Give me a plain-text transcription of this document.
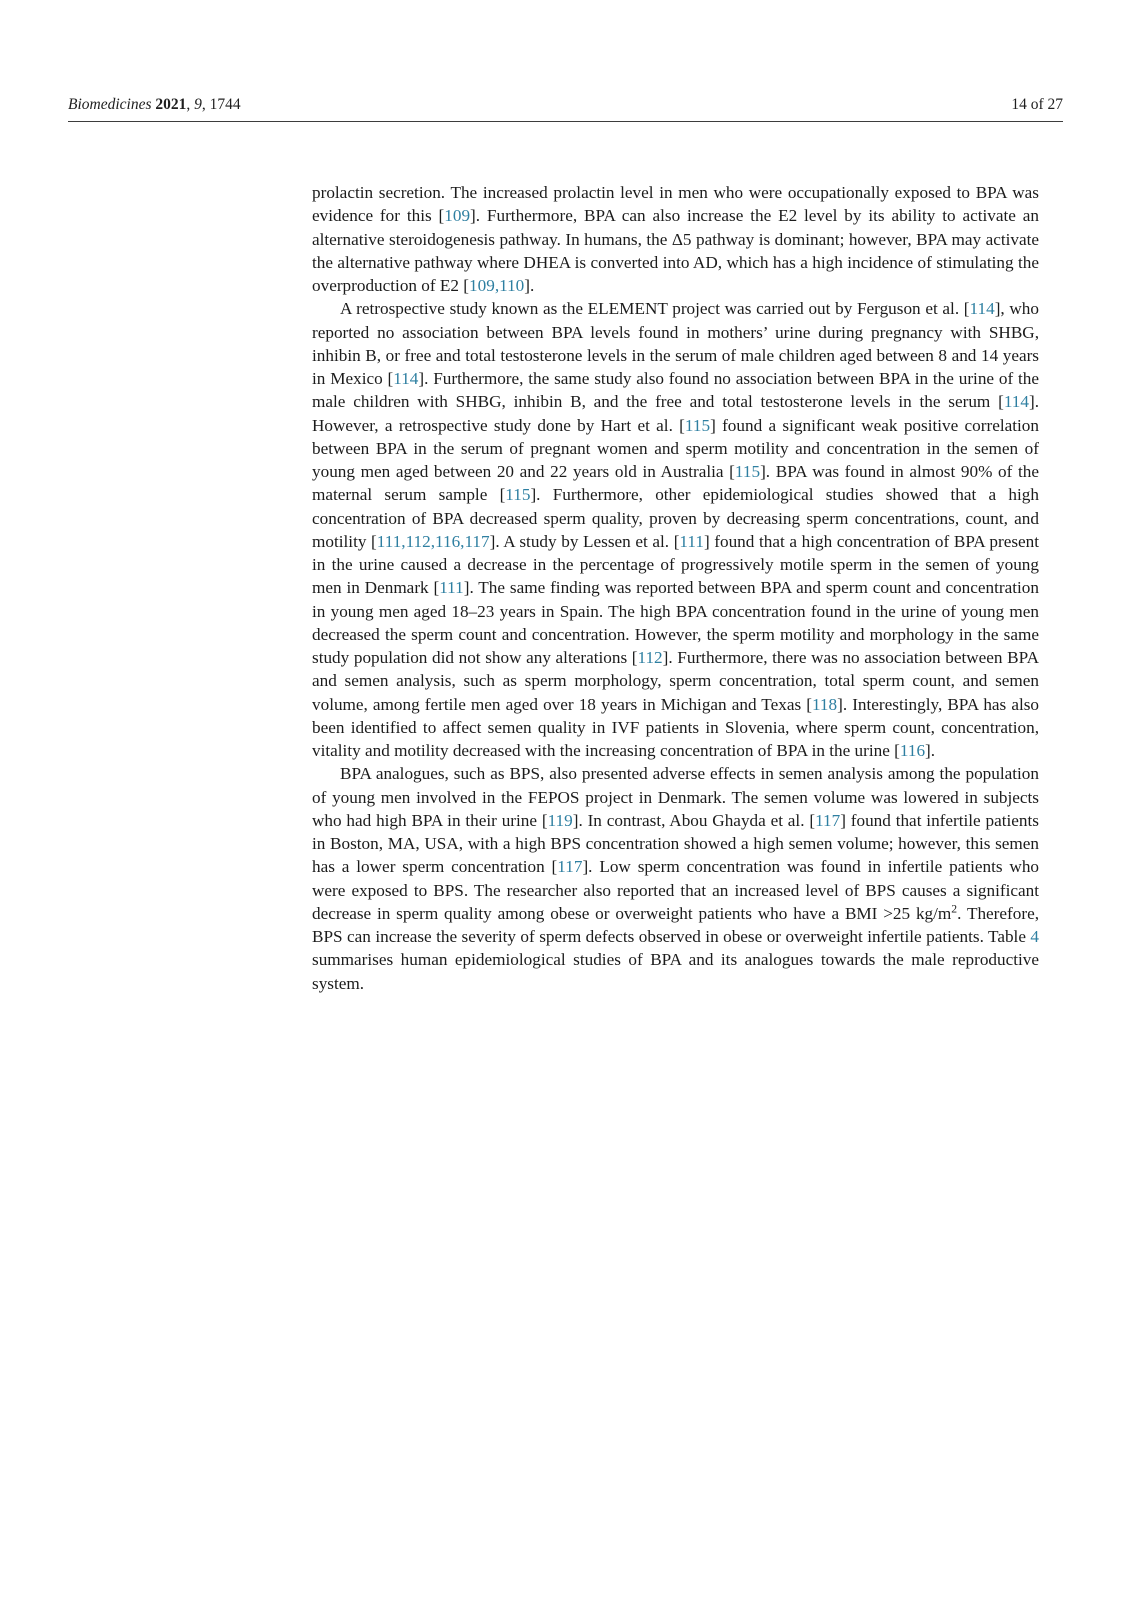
Biomedicines 2021, 9, 1744	14 of 27

prolactin secretion. The increased prolactin level in men who were occupationally exposed to BPA was evidence for this [109]. Furthermore, BPA can also increase the E2 level by its ability to activate an alternative steroidogenesis pathway. In humans, the Δ5 pathway is dominant; however, BPA may activate the alternative pathway where DHEA is converted into AD, which has a high incidence of stimulating the overproduction of E2 [109,110].

A retrospective study known as the ELEMENT project was carried out by Ferguson et al. [114], who reported no association between BPA levels found in mothers’ urine during pregnancy with SHBG, inhibin B, or free and total testosterone levels in the serum of male children aged between 8 and 14 years in Mexico [114]. Furthermore, the same study also found no association between BPA in the urine of the male children with SHBG, inhibin B, and the free and total testosterone levels in the serum [114]. However, a retrospective study done by Hart et al. [115] found a significant weak positive correlation between BPA in the serum of pregnant women and sperm motility and concentration in the semen of young men aged between 20 and 22 years old in Australia [115]. BPA was found in almost 90% of the maternal serum sample [115]. Furthermore, other epidemiological studies showed that a high concentration of BPA decreased sperm quality, proven by decreasing sperm concentrations, count, and motility [111,112,116,117]. A study by Lessen et al. [111] found that a high concentration of BPA present in the urine caused a decrease in the percentage of progressively motile sperm in the semen of young men in Denmark [111]. The same finding was reported between BPA and sperm count and concentration in young men aged 18–23 years in Spain. The high BPA concentration found in the urine of young men decreased the sperm count and concentration. However, the sperm motility and morphology in the same study population did not show any alterations [112]. Furthermore, there was no association between BPA and semen analysis, such as sperm morphology, sperm concentration, total sperm count, and semen volume, among fertile men aged over 18 years in Michigan and Texas [118]. Interestingly, BPA has also been identified to affect semen quality in IVF patients in Slovenia, where sperm count, concentration, vitality and motility decreased with the increasing concentration of BPA in the urine [116].

BPA analogues, such as BPS, also presented adverse effects in semen analysis among the population of young men involved in the FEPOS project in Denmark. The semen volume was lowered in subjects who had high BPA in their urine [119]. In contrast, Abou Ghayda et al. [117] found that infertile patients in Boston, MA, USA, with a high BPS concentration showed a high semen volume; however, this semen has a lower sperm concentration [117]. Low sperm concentration was found in infertile patients who were exposed to BPS. The researcher also reported that an increased level of BPS causes a significant decrease in sperm quality among obese or overweight patients who have a BMI >25 $kg/m^2$. Therefore, BPS can increase the severity of sperm defects observed in obese or overweight infertile patients. Table 4 summarises human epidemiological studies of BPA and its analogues towards the male reproductive system.
